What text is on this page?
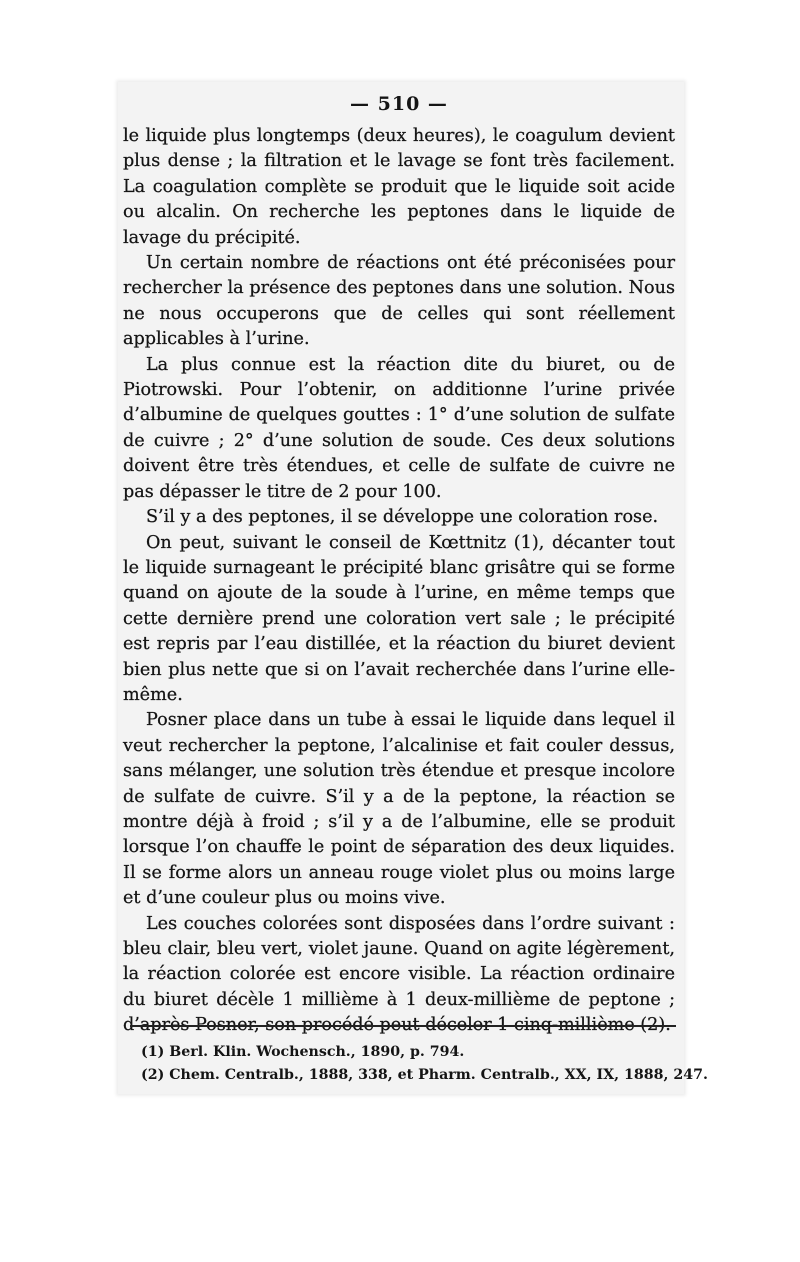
— 510 —

le liquide plus longtemps (deux heures), le coagulum devient plus dense ; la filtration et le lavage se font très facilement. La coagulation complète se produit que le liquide soit acide ou alcalin. On recherche les peptones dans le liquide de lavage du précipité.

Un certain nombre de réactions ont été préconisées pour rechercher la présence des peptones dans une solution. Nous ne nous occuperons que de celles qui sont réellement applicables à l’urine.

La plus connue est la réaction dite du biuret, ou de Piotrowski. Pour l’obtenir, on additionne l’urine privée d’albumine de quelques gouttes : 1° d’une solution de sulfate de cuivre ; 2° d’une solution de soude. Ces deux solutions doivent être très étendues, et celle de sulfate de cuivre ne pas dépasser le titre de 2 pour 100.

S’il y a des peptones, il se développe une coloration rose.

On peut, suivant le conseil de Kœttnitz (1), décanter tout le liquide surnageant le précipité blanc grisâtre qui se forme quand on ajoute de la soude à l’urine, en même temps que cette dernière prend une coloration vert sale ; le précipité est repris par l’eau distillée, et la réaction du biuret devient bien plus nette que si on l’avait recherchée dans l’urine elle-même.

Posner place dans un tube à essai le liquide dans lequel il veut rechercher la peptone, l’alcalinise et fait couler dessus, sans mélanger, une solution très étendue et presque incolore de sulfate de cuivre. S’il y a de la peptone, la réaction se montre déjà à froid ; s’il y a de l’albumine, elle se produit lorsque l’on chauffe le point de séparation des deux liquides. Il se forme alors un anneau rouge violet plus ou moins large et d’une couleur plus ou moins vive.

Les couches colorées sont disposées dans l’ordre suivant : bleu clair, bleu vert, violet jaune. Quand on agite légèrement, la réaction colorée est encore visible. La réaction ordinaire du biuret décèle 1 millième à 1 deux-millième de peptone ; d’après Posner, son procédé peut déceler 1 cinq-millième (2).

(1) Berl. Klin. Wochensch., 1890, p. 794.

(2) Chem. Centralb., 1888, 338, et Pharm. Centralb., XX, IX, 1888, 247.
